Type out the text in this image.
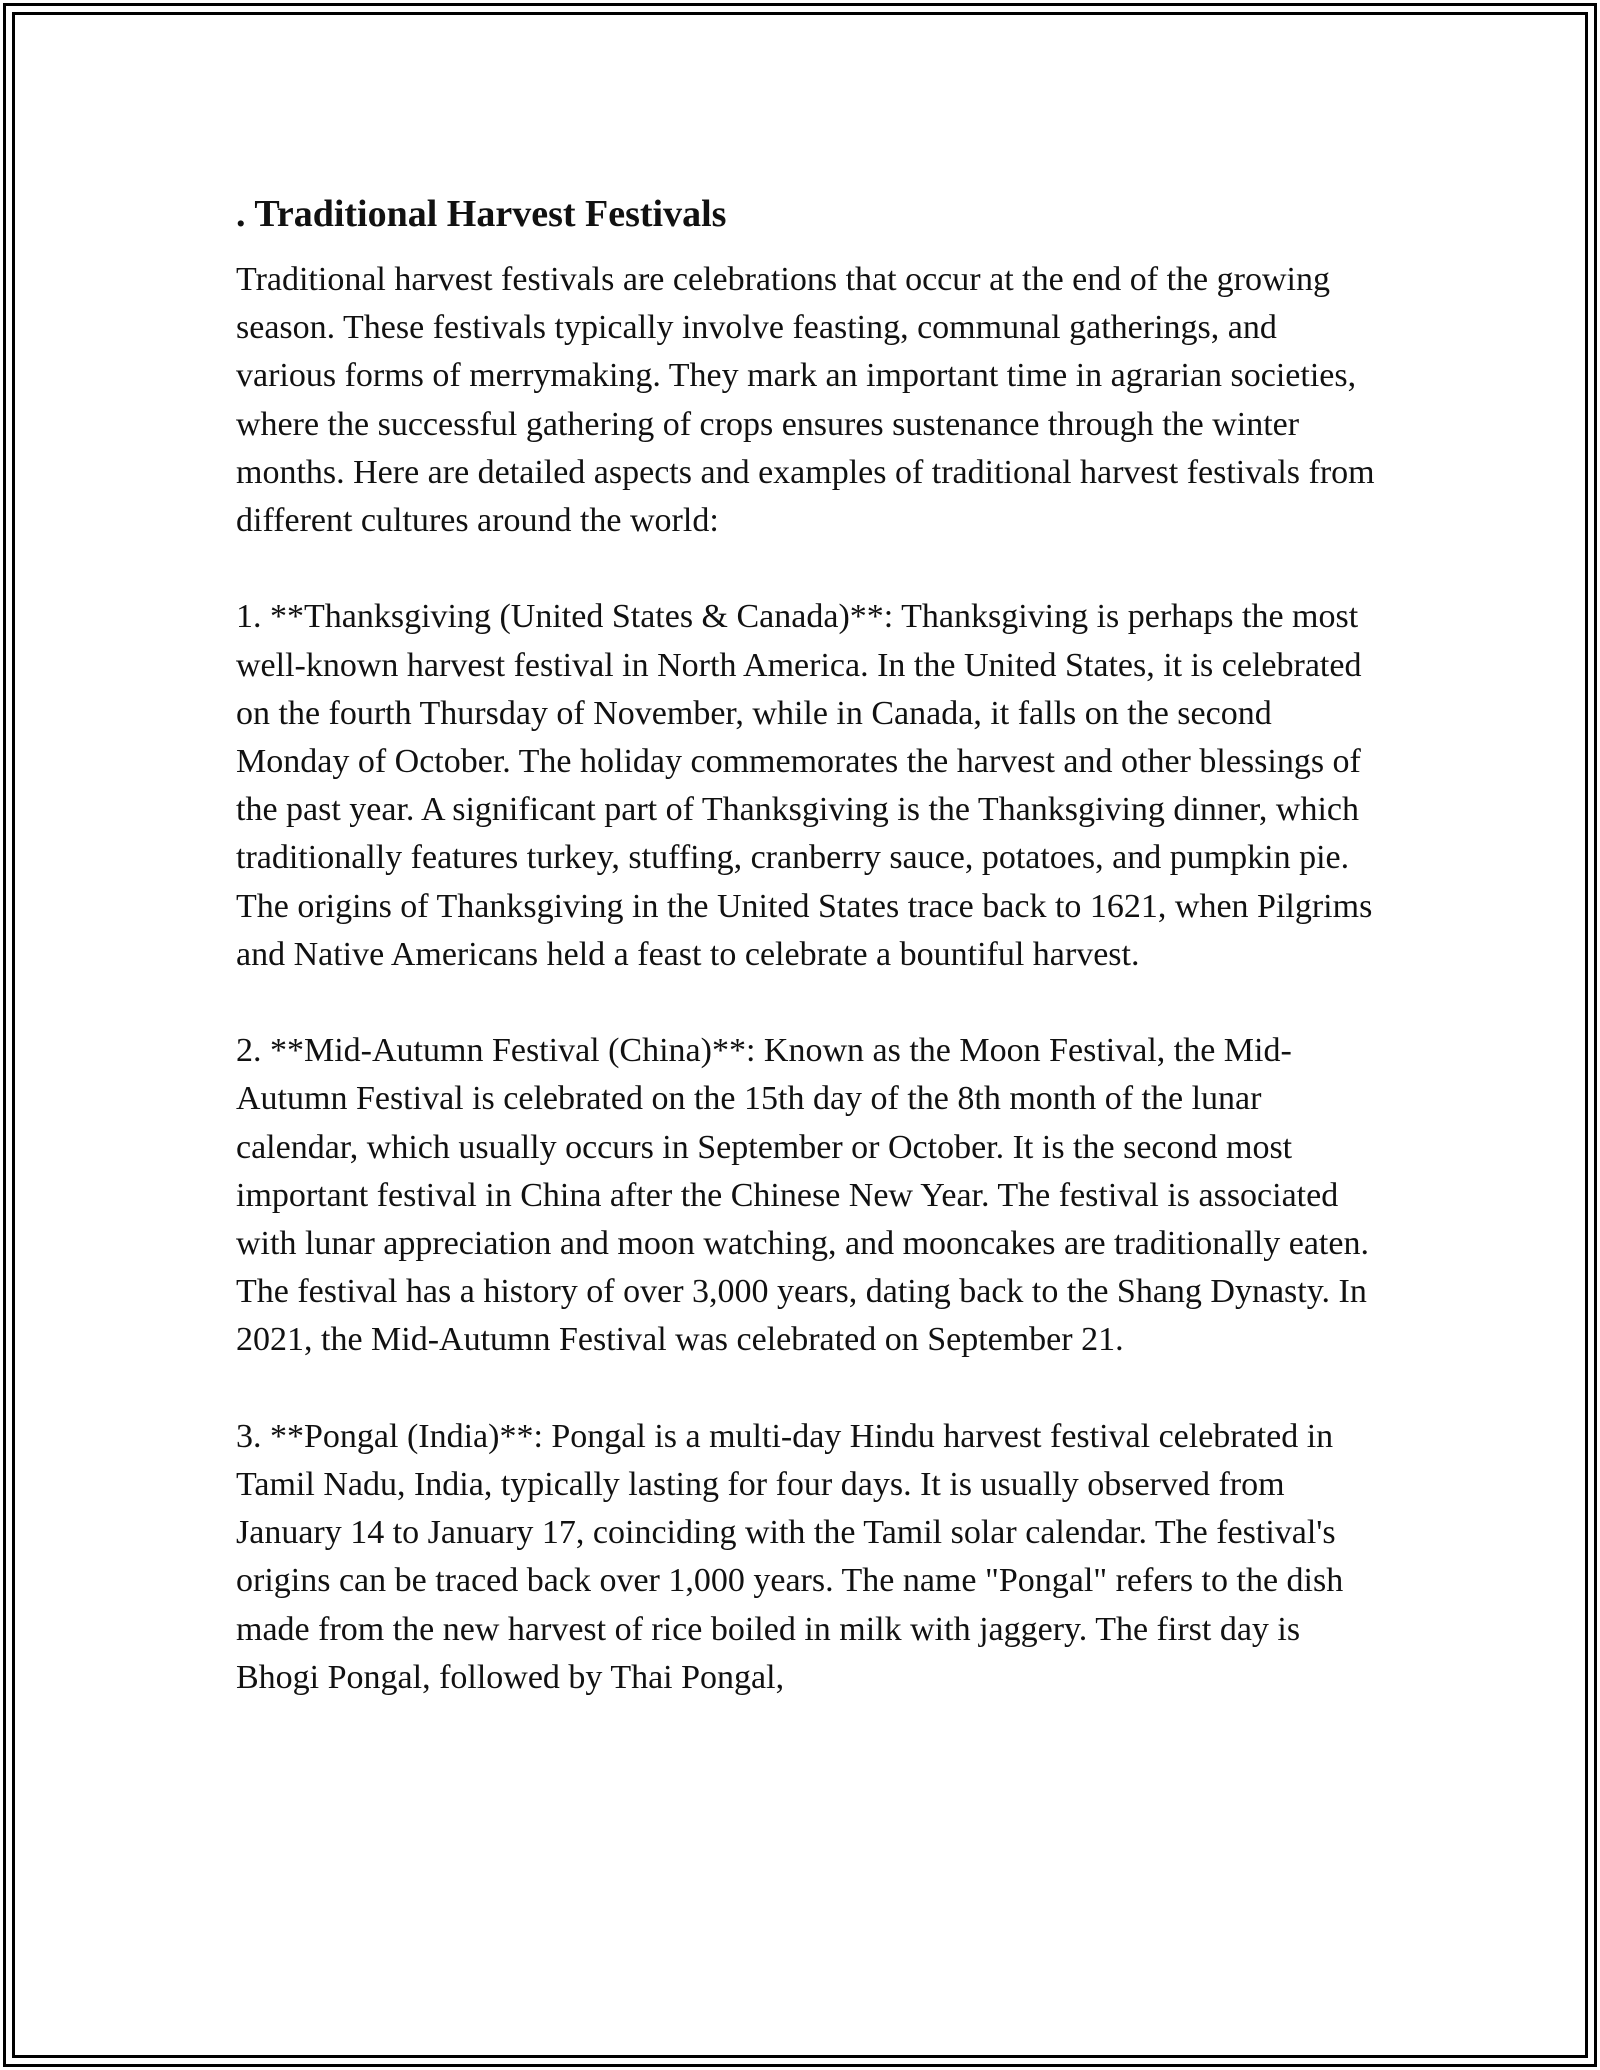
. Traditional Harvest Festivals

Traditional harvest festivals are celebrations that occur at the end of the growing season. These festivals typically involve feasting, communal gatherings, and various forms of merrymaking. They mark an important time in agrarian societies, where the successful gathering of crops ensures sustenance through the winter months. Here are detailed aspects and examples of traditional harvest festivals from different cultures around the world:

1. **Thanksgiving (United States & Canada)**: Thanksgiving is perhaps the most well-known harvest festival in North America. In the United States, it is celebrated on the fourth Thursday of November, while in Canada, it falls on the second Monday of October. The holiday commemorates the harvest and other blessings of the past year. A significant part of Thanksgiving is the Thanksgiving dinner, which traditionally features turkey, stuffing, cranberry sauce, potatoes, and pumpkin pie. The origins of Thanksgiving in the United States trace back to 1621, when Pilgrims and Native Americans held a feast to celebrate a bountiful harvest.

2. **Mid-Autumn Festival (China)**: Known as the Moon Festival, the Mid-Autumn Festival is celebrated on the 15th day of the 8th month of the lunar calendar, which usually occurs in September or October. It is the second most important festival in China after the Chinese New Year. The festival is associated with lunar appreciation and moon watching, and mooncakes are traditionally eaten. The festival has a history of over 3,000 years, dating back to the Shang Dynasty. In 2021, the Mid-Autumn Festival was celebrated on September 21.

3. **Pongal (India)**: Pongal is a multi-day Hindu harvest festival celebrated in Tamil Nadu, India, typically lasting for four days. It is usually observed from January 14 to January 17, coinciding with the Tamil solar calendar. The festival's origins can be traced back over 1,000 years. The name "Pongal" refers to the dish made from the new harvest of rice boiled in milk with jaggery. The first day is Bhogi Pongal, followed by Thai Pongal,
